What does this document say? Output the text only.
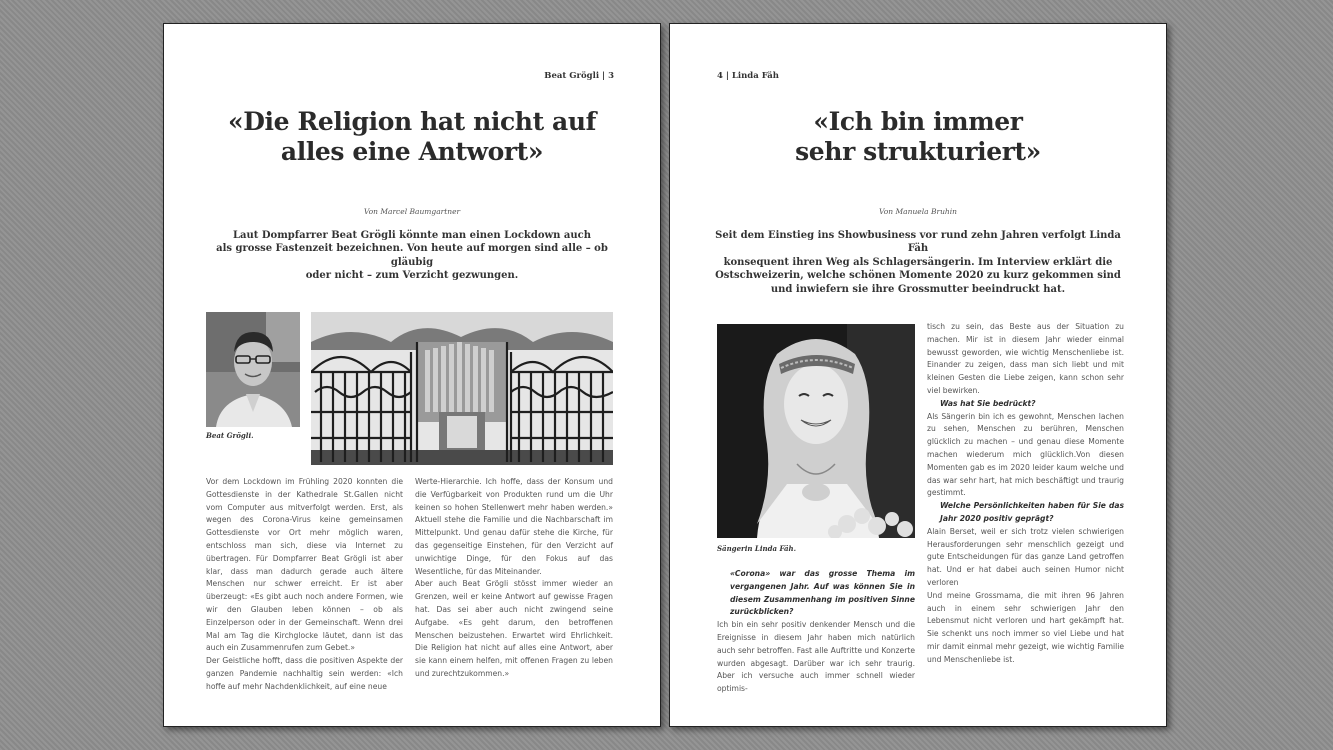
Beat Grögli | 3
«Die Religion hat nicht auf
alles eine Antwort»
Von Marcel Baumgartner
Laut Dompfarrer Beat Grögli könnte man einen Lockdown auch
als grosse Fastenzeit bezeichnen. Von heute auf morgen sind alle – ob gläubig
oder nicht – zum Verzicht gezwungen.
Beat Grögli.

Vor dem Lockdown im Frühling 2020 konnten die Gottesdienste in der Kathedrale St.Gallen nicht vom Computer aus mitverfolgt werden. Erst, als wegen des Corona-Virus keine gemeinsamen Gottesdienste vor Ort mehr möglich waren, entschloss man sich, diese via Internet zu übertragen. Für Dompfarrer Beat Grögli ist aber klar, dass man dadurch gerade auch ältere Menschen nur schwer erreicht. Er ist aber überzeugt: «Es gibt auch noch andere Formen, wie wir den Glauben leben können – ob als Einzelperson oder in der Gemeinschaft. Wenn drei Mal am Tag die Kirchglocke läutet, dann ist das auch ein Zusammenrufen zum Gebet.»

Der Geistliche hofft, dass die positiven Aspekte der ganzen Pandemie nachhaltig sein werden: «Ich hoffe auf mehr Nachdenklichkeit, auf eine neue

Werte-Hierarchie. Ich hoffe, dass der Konsum und die Verfügbarkeit von Produkten rund um die Uhr keinen so hohen Stellenwert mehr haben werden.» Aktuell stehe die Familie und die Nachbarschaft im Mittelpunkt. Und genau dafür stehe die Kirche, für das gegenseitige Einstehen, für den Verzicht auf unwichtige Dinge, für den Fokus auf das Wesentliche, für das Miteinander.

Aber auch Beat Grögli stösst immer wieder an Grenzen, weil er keine Antwort auf gewisse Fragen hat. Das sei aber auch nicht zwingend seine Aufgabe. «Es geht darum, den betroffenen Menschen beizustehen. Erwartet wird Ehrlichkeit. Die Religion hat nicht auf alles eine Antwort, aber sie kann einem helfen, mit offenen Fragen zu leben und zurechtzukommen.»

4 | Linda Fäh
«Ich bin immer
sehr strukturiert»
Von Manuela Bruhin
Seit dem Einstieg ins Showbusiness vor rund zehn Jahren verfolgt Linda Fäh
konsequent ihren Weg als Schlagersängerin. Im Interview erklärt die
Ostschweizerin, welche schönen Momente 2020 zu kurz gekommen sind
und inwiefern sie ihre Grossmutter beeindruckt hat.
Sängerin Linda Fäh.

«Corona» war das grosse Thema im vergangenen Jahr. Auf was können Sie in diesem Zusammenhang im positiven Sinne zurückblicken?

Ich bin ein sehr positiv denkender Mensch und die Ereignisse in diesem Jahr haben mich natürlich auch sehr betroffen. Fast alle Auftritte und Konzerte wurden abgesagt. Darüber war ich sehr traurig. Aber ich versuche auch immer schnell wieder optimis-

tisch zu sein, das Beste aus der Situation zu machen. Mir ist in diesem Jahr wieder einmal bewusst geworden, wie wichtig Menschenliebe ist. Einander zu zeigen, dass man sich liebt und mit kleinen Gesten die Liebe zeigen, kann schon sehr viel bewirken.

Was hat Sie bedrückt?

Als Sängerin bin ich es gewohnt, Menschen lachen zu sehen, Menschen zu berühren, Menschen glücklich zu machen – und genau diese Momente machen wiederum mich glücklich.Von diesen Momenten gab es im 2020 leider kaum welche und das war sehr hart, hat mich beschäftigt und traurig gestimmt.

Welche Persönlichkeiten haben für Sie das Jahr 2020 positiv geprägt?

Alain Berset, weil er sich trotz vielen schwierigen Herausforderungen sehr menschlich gezeigt und gute Entscheidungen für das ganze Land getroffen hat. Und er hat dabei auch seinen Humor nicht verloren

Und meine Grossmama, die mit ihren 96 Jahren auch in einem sehr schwierigen Jahr den Lebensmut nicht verloren und hart gekämpft hat. Sie schenkt uns noch immer so viel Liebe und hat mir damit einmal mehr gezeigt, wie wichtig Familie und Menschenliebe ist.
